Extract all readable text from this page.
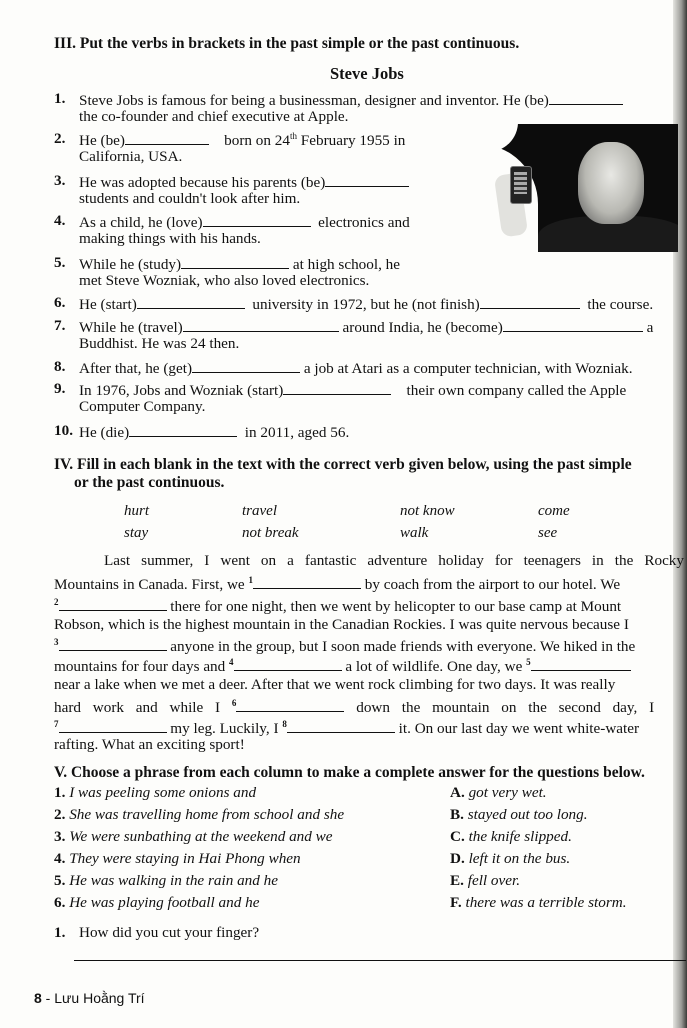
III. Put the verbs in brackets in the past simple or the past continuous.
Steve Jobs
1. Steve Jobs is famous for being a businessman, designer and inventor. He (be)
the co-founder and chief executive at Apple.
2. He (be)	born on 24th February 1955 in
California, USA.
3. He was adopted because his parents (be)
students and couldn't look after him.
4. As a child, he (love)	electronics and
making things with his hands.
5. While he (study)	at high school, he
met Steve Wozniak, who also loved electronics.
6. He (start)	university in 1972, but he (not finish)	the course.
7. While he (travel)	around India, he (become)	a
Buddhist. He was 24 then.
8. After that, he (get)	a job at Atari as a computer technician, with Wozniak.
9. In 1976, Jobs and Wozniak (start)	their own company called the Apple
Computer Company.
10. He (die)	in 2011, aged 56.
IV. Fill in each blank in the text with the correct verb given below, using the past simple
or the past continuous.
hurt	travel	not know	come
stay	not break	walk	see
Last summer, I went on a fantastic adventure holiday for teenagers in the Rocky
Mountains in Canada. First, we $^1$	by coach from the airport to our hotel. We
$^2$	there for one night, then we went by helicopter to our base camp at Mount
Robson, which is the highest mountain in the Canadian Rockies. I was quite nervous because I
$^3$	anyone in the group, but I soon made friends with everyone. We hiked in the
mountains for four days and $^4$	a lot of wildlife. One day, we $^5$
near a lake when we met a deer. After that we went rock climbing for two days. It was really
hard work and while I $^6$	down the mountain on the second day, I
$^7$	my leg. Luckily, I $^8$	it. On our last day we went white-water
rafting. What an exciting sport!
V. Choose a phrase from each column to make a complete answer for the questions below.
1. I was peeling some onions and
2. She was travelling home from school and she
3. We were sunbathing at the weekend and we
4. They were staying in Hai Phong when
5. He was walking in the rain and he
6. He was playing football and he
A. got very wet.
B. stayed out too long.
C. the knife slipped.
D. left it on the bus.
E. fell over.
F. there was a terrible storm.
1. How did you cut your finger?
8 - Lưu Hoằng Trí
